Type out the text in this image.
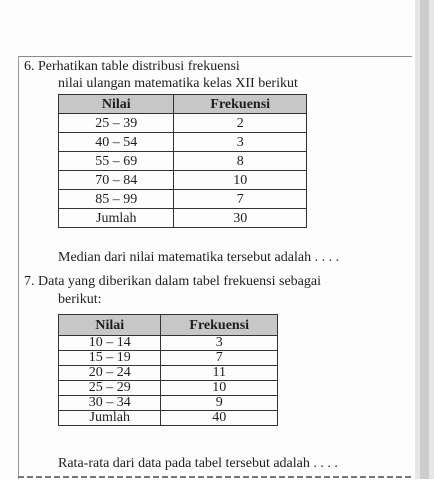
6. Perhatikan table distribusi frekuensi
nilai ulangan matematika kelas XII berikut
Nilai	Frekuensi
25 – 39	2
40 – 54	3
55 – 69	8
70 – 84	10
85 – 99	7
Jumlah	30
Median dari nilai matematika tersebut adalah . . . .
7. Data yang diberikan dalam tabel frekuensi sebagai
berikut:
Nilai	Frekuensi
10 – 14	3
15 – 19	7
20 – 24	11
25 – 29	10
30 – 34	9
Jumlah	40
Rata-rata dari data pada tabel tersebut adalah . . . .
